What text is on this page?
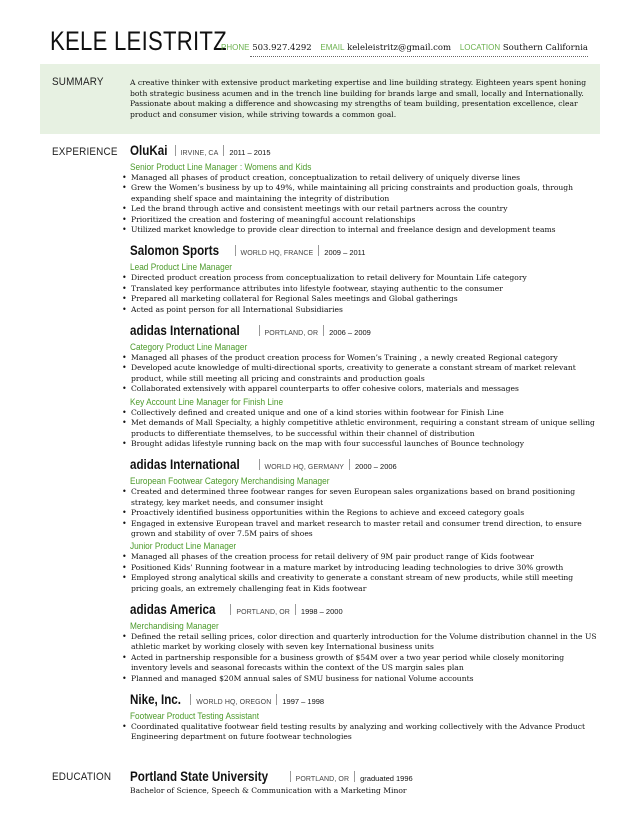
KELE LEISTRITZ
PHONE 503.927.4292 EMAIL keleleistritz@gmail.com LOCATION Southern California
SUMMARY	A creative thinker with extensive product marketing expertise and line building strategy. Eighteen years spent honing both strategic business acumen and in the trench line building for brands large and small, locally and Internationally. Passionate about making a difference and showcasing my strengths of team building, presentation excellence, clear product and consumer vision, while striving towards a common goal.
EXPERIENCE OluKai	IRVINE, CA 2011 – 2015
Senior Product Line Manager : Womens and Kids
• Managed all phases of product creation, conceptualization to retail delivery of uniquely diverse lines
• Grew the Women’s business by up to 49%, while maintaining all pricing constraints and production goals, through expanding shelf space and maintaining the integrity of distribution
• Led the brand through active and consistent meetings with our retail partners across the country
• Prioritized the creation and fostering of meaningful account relationships
• Utilized market knowledge to provide clear direction to internal and freelance design and development teams
Salomon Sports	WORLD HQ, FRANCE 2009 – 2011
Lead Product Line Manager
• Directed product creation process from conceptualization to retail delivery for Mountain Life category
• Translated key performance attributes into lifestyle footwear, staying authentic to the consumer
• Prepared all marketing collateral for Regional Sales meetings and Global gatherings
• Acted as point person for all International Subsidiaries
adidas International	PORTLAND, OR 2006 – 2009
Category Product Line Manager
• Managed all phases of the product creation process for Women’s Training , a newly created Regional category
• Developed acute knowledge of multi-directional sports, creativity to generate a constant stream of market relevant product, while still meeting all pricing and constraints and production goals
• Collaborated extensively with apparel counterparts to offer cohesive colors, materials and messages
Key Account Line Manager for Finish Line
• Collectively defined and created unique and one of a kind stories within footwear for Finish Line
• Met demands of Mall Specialty, a highly competitive athletic environment, requiring a constant stream of unique selling products to differentiate themselves, to be successful within their channel of distribution
• Brought adidas lifestyle running back on the map with four successful launches of Bounce technology
adidas International	WORLD HQ, GERMANY 2000 – 2006
European Footwear Category Merchandising Manager
• Created and determined three footwear ranges for seven European sales organizations based on brand positioning strategy, key market needs, and consumer insight
• Proactively identified business opportunities within the Regions to achieve and exceed category goals
• Engaged in extensive European travel and market research to master retail and consumer trend direction, to ensure grown and stability of over 7.5M pairs of shoes
Junior Product Line Manager
• Managed all phases of the creation process for retail delivery of 9M pair product range of Kids footwear
• Positioned Kids’ Running footwear in a mature market by introducing leading technologies to drive 30% growth
• Employed strong analytical skills and creativity to generate a constant stream of new products, while still meeting pricing goals, an extremely challenging feat in Kids footwear
adidas America	PORTLAND, OR 1998 – 2000
Merchandising Manager
• Defined the retail selling prices, color direction and quarterly introduction for the Volume distribution channel in the US athletic market by working closely with seven key International business units
• Acted in partnership responsible for a business growth of $54M over a two year period while closely monitoring inventory levels and seasonal forecasts within the context of the US margin sales plan
• Planned and managed $20M annual sales of SMU business for national Volume accounts
Nike, Inc.	WORLD HQ, OREGON 1997 – 1998
Footwear Product Testing Assistant
• Coordinated qualitative footwear field testing results by analyzing and working collectively with the Advance Product Engineering department on future footwear technologies
EDUCATION Portland State University	PORTLAND, OR graduated 1996
Bachelor of Science, Speech & Communication with a Marketing Minor
